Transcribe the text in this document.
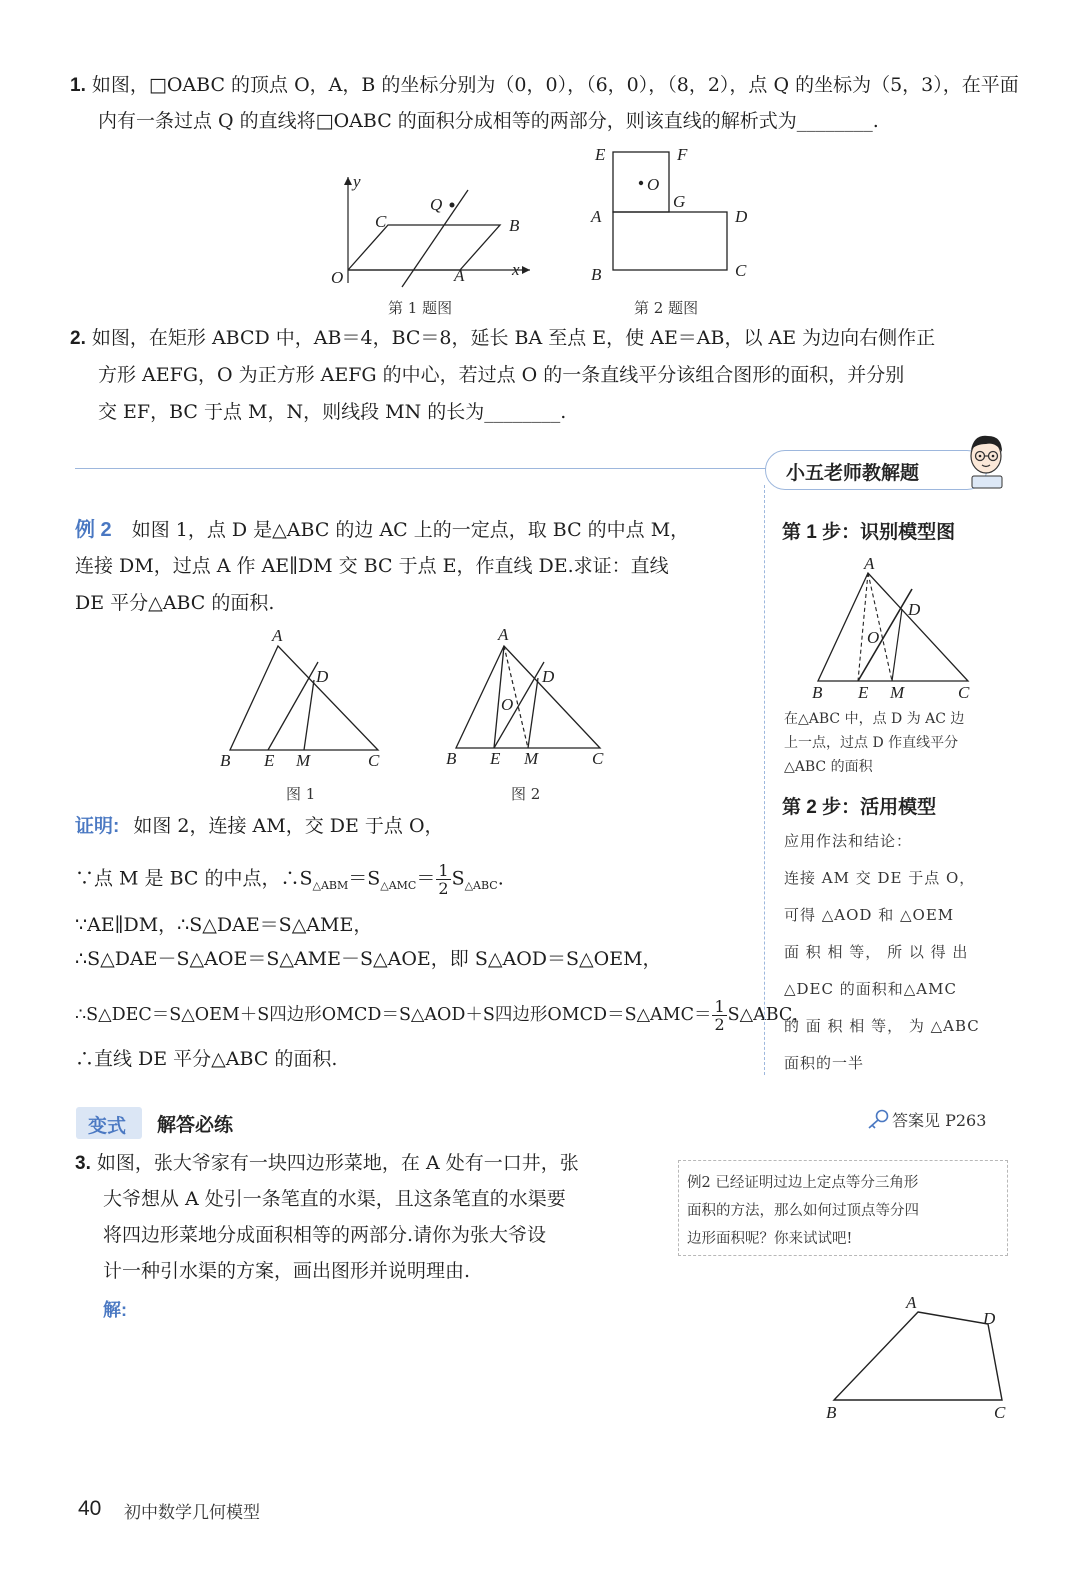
1. 如图，□OABC 的顶点 O，A，B 的坐标分别为（0，0），（6，0），（8，2），点 Q 的坐标为（5，3），在平面
内有一条过点 Q 的直线将□OABC 的面积分成相等的两部分，则该直线的解析式为________.
y
x
O	A
B
C
Q
第 1 题图
E	F
O
G
A	D
B	C
第 2 题图
2. 如图，在矩形 ABCD 中，AB＝4，BC＝8，延长 BA 至点 E，使 AE＝AB，以 AE 为边向右侧作正
方形 AEFG，O 为正方形 AEFG 的中心，若过点 O 的一条直线平分该组合图形的面积，并分别
交 EF，BC 于点 M，N，则线段 MN 的长为________.
小五老师教解题
例 2 如图 1，点 D 是△ABC 的边 AC 上的一定点，取 BC 的中点 M，
连接 DM，过点 A 作 AE∥DM 交 BC 于点 E，作直线 DE.求证：直线
DE 平分△ABC 的面积.
A
D
B E M	C
图 1
A
D
O
B E M	C
图 2
证明: 如图 2，连接 AM，交 DE 于点 O，
∵点 M 是 BC 的中点，$\therefore S_{\triangle ABM}=S_{\triangle AMC}= \frac{1}{2} S_{\triangle ABC}$.
∵AE∥DM，∴S△DAE＝S△AME，
∴S△DAE－S△AOE＝S△AME－S△AOE，即 S△AOD＝S△OEM，
∴S△DEC＝S△OEM＋S四边形OMCD＝S△AOD＋S四边形OMCD＝S△AMC＝ $\frac{1}{2}$ S△ABC，
∴直线 DE 平分△ABC 的面积.
第 1 步：识别模型图
A
D
O
B E M	C
在△ABC 中，点 D 为 AC 边
上一点，过点 D 作直线平分
△ABC 的面积
第 2 步：活用模型
应用作法和结论：
连接 AM 交 DE 于点 O，
可得 △AOD 和 △OEM
面 积 相 等， 所 以 得 出
△DEC 的面积和△AMC
的 面 积 相 等， 为 △ABC
面积的一半
变式 解答必练	答案见 P263
3. 如图，张大爷家有一块四边形菜地，在 A 处有一口井，张
大爷想从 A 处引一条笔直的水渠，且这条笔直的水渠要
将四边形菜地分成面积相等的两部分.请你为张大爷设
计一种引水渠的方案，画出图形并说明理由.
解:
例2 已经证明过边上定点等分三角形
面积的方法，那么如何过顶点等分四
边形面积呢？你来试试吧!
A
D
B	C
40 初中数学几何模型
